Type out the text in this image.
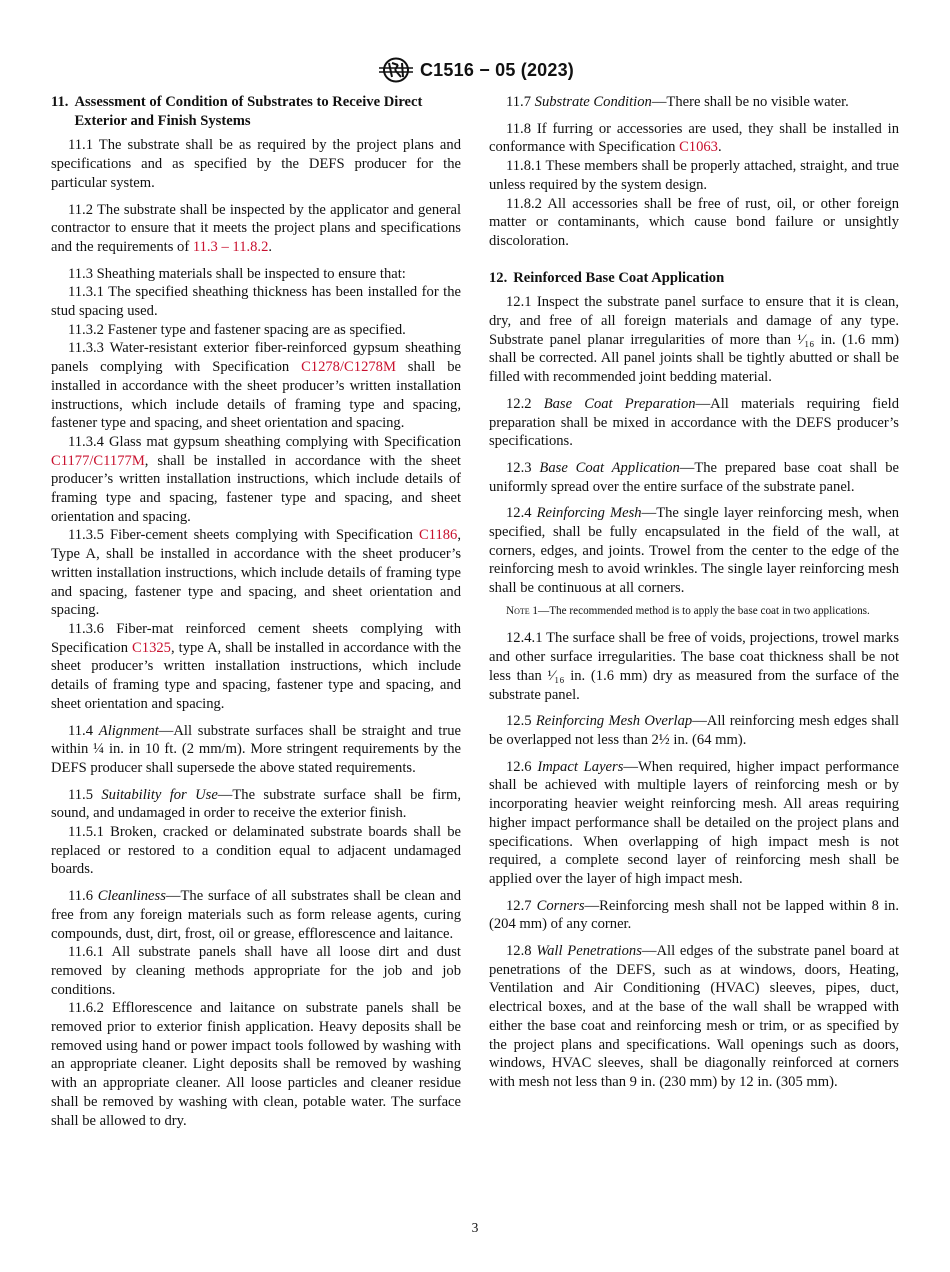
C1516 − 05 (2023)
11. Assessment of Condition of Substrates to Receive Direct Exterior and Finish Systems

11.1 The substrate shall be as required by the project plans and specifications and as specified by the DEFS producer for the particular system.

11.2 The substrate shall be inspected by the applicator and general contractor to ensure that it meets the project plans and specifications and the requirements of 11.3 – 11.8.2.

11.3 Sheathing materials shall be inspected to ensure that:

11.3.1 The specified sheathing thickness has been installed for the stud spacing used.

11.3.2 Fastener type and fastener spacing are as specified.

11.3.3 Water-resistant exterior fiber-reinforced gypsum sheathing panels complying with Specification C1278/C1278M shall be installed in accordance with the sheet producer’s written installation instructions, which include details of framing type and spacing, fastener type and spacing, and sheet orientation and spacing.

11.3.4 Glass mat gypsum sheathing complying with Specification C1177/C1177M, shall be installed in accordance with the sheet producer’s written installation instructions, which include details of framing type and spacing, fastener type and spacing, and sheet orientation and spacing.

11.3.5 Fiber-cement sheets complying with Specification C1186, Type A, shall be installed in accordance with the sheet producer’s written installation instructions, which include details of framing type and spacing, fastener type and spacing, and sheet orientation and spacing.

11.3.6 Fiber-mat reinforced cement sheets complying with Specification C1325, type A, shall be installed in accordance with the sheet producer’s written installation instructions, which include details of framing type and spacing, fastener type and spacing, and sheet orientation and spacing.

11.4 Alignment—All substrate surfaces shall be straight and true within ¼ in. in 10 ft. (2 mm/m). More stringent requirements by the DEFS producer shall supersede the above stated requirements.

11.5 Suitability for Use—The substrate surface shall be firm, sound, and undamaged in order to receive the exterior finish.

11.5.1 Broken, cracked or delaminated substrate boards shall be replaced or restored to a condition equal to adjacent undamaged boards.

11.6 Cleanliness—The surface of all substrates shall be clean and free from any foreign materials such as form release agents, curing compounds, dust, dirt, frost, oil or grease, efflorescence and laitance.

11.6.1 All substrate panels shall have all loose dirt and dust removed by cleaning methods appropriate for the job and job conditions.

11.6.2 Efflorescence and laitance on substrate panels shall be removed prior to exterior finish application. Heavy deposits shall be removed using hand or power impact tools followed by washing with an appropriate cleaner. Light deposits shall be removed by washing with an appropriate cleaner. All loose particles and cleaner residue shall be removed by washing with clean, potable water. The surface shall be allowed to dry.

11.7 Substrate Condition—There shall be no visible water.

11.8 If furring or accessories are used, they shall be installed in conformance with Specification C1063.

11.8.1 These members shall be properly attached, straight, and true unless required by the system design.

11.8.2 All accessories shall be free of rust, oil, or other foreign matter or contaminants, which cause bond failure or unsightly discoloration.

12. Reinforced Base Coat Application

12.1 Inspect the substrate panel surface to ensure that it is clean, dry, and free of all foreign materials and damage of any type. Substrate panel planar irregularities of more than ¹⁄₁₆ in. (1.6 mm) shall be corrected. All panel joints shall be tightly abutted or shall be filled with recommended joint bedding material.

12.2 Base Coat Preparation—All materials requiring field preparation shall be mixed in accordance with the DEFS producer’s specifications.

12.3 Base Coat Application—The prepared base coat shall be uniformly spread over the entire surface of the substrate panel.

12.4 Reinforcing Mesh—The single layer reinforcing mesh, when specified, shall be fully encapsulated in the field of the wall, at corners, edges, and joints. Trowel from the center to the edge of the reinforcing mesh to avoid wrinkles. The single layer reinforcing mesh shall be continuous at all corners.

Note 1—The recommended method is to apply the base coat in two applications.

12.4.1 The surface shall be free of voids, projections, trowel marks and other surface irregularities. The base coat thickness shall be not less than ¹⁄₁₆ in. (1.6 mm) dry as measured from the surface of the substrate panel.

12.5 Reinforcing Mesh Overlap—All reinforcing mesh edges shall be overlapped not less than 2½ in. (64 mm).

12.6 Impact Layers—When required, higher impact performance shall be achieved with multiple layers of reinforcing mesh or by incorporating heavier weight reinforcing mesh. All areas requiring higher impact performance shall be detailed on the project plans and specifications. When overlapping of high impact mesh is not required, a complete second layer of reinforcing mesh shall be applied over the layer of high impact mesh.

12.7 Corners—Reinforcing mesh shall not be lapped within 8 in. (204 mm) of any corner.

12.8 Wall Penetrations—All edges of the substrate panel board at penetrations of the DEFS, such as at windows, doors, Heating, Ventilation and Air Conditioning (HVAC) sleeves, pipes, duct, electrical boxes, and at the base of the wall shall be wrapped with either the base coat and reinforcing mesh or trim, or as specified by the project plans and specifications. Wall openings such as doors, windows, HVAC sleeves, shall be diagonally reinforced at corners with mesh not less than 9 in. (230 mm) by 12 in. (305 mm).

3
